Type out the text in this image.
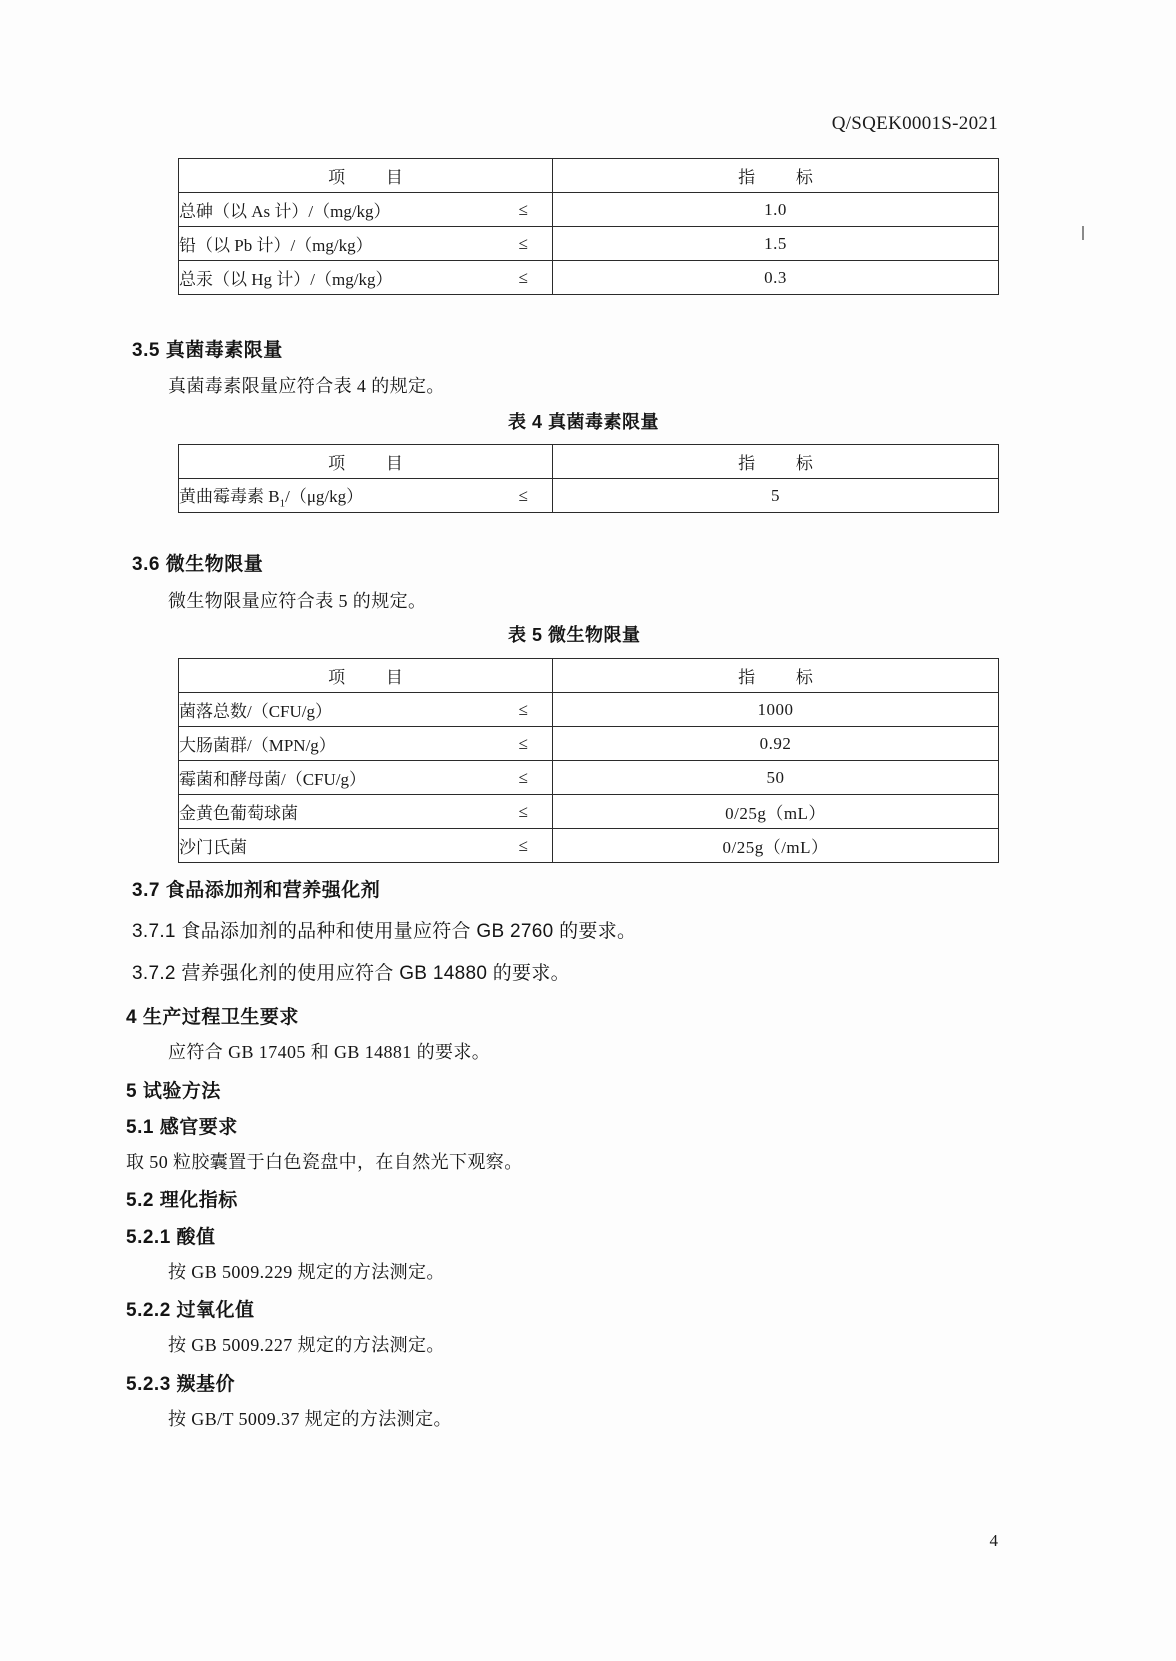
Q/SQEK0001S-2021
项 目		指 标
总砷（以 As 计）/（mg/kg）	≤	1.0
铅（以 Pb 计）/（mg/kg）	≤	1.5
总汞（以 Hg 计）/（mg/kg）	≤	0.3
3.5 真菌毒素限量
真菌毒素限量应符合表 4 的规定。
表 4 真菌毒素限量
项 目		指 标
黄曲霉毒素 $B_1/(\mu g/kg)$	≤	5
3.6 微生物限量
微生物限量应符合表 5 的规定。
表 5 微生物限量
项 目		指 标
菌落总数/（CFU/g）	≤	1000
大肠菌群/（MPN/g）	≤	0.92
霉菌和酵母菌/（CFU/g）	≤	50
金黄色葡萄球菌	≤	0/25g（mL）
沙门氏菌	≤	0/25g（/mL）
3.7 食品添加剂和营养强化剂
3.7.1 食品添加剂的品种和使用量应符合 GB 2760 的要求。
3.7.2 营养强化剂的使用应符合 GB 14880 的要求。
4 生产过程卫生要求
应符合 GB 17405 和 GB 14881 的要求。
5 试验方法
5.1 感官要求
取 50 粒胶囊置于白色瓷盘中，在自然光下观察。
5.2 理化指标
5.2.1 酸值
按 GB 5009.229 规定的方法测定。
5.2.2 过氧化值
按 GB 5009.227 规定的方法测定。
5.2.3 羰基价
按 GB/T 5009.37 规定的方法测定。
4
